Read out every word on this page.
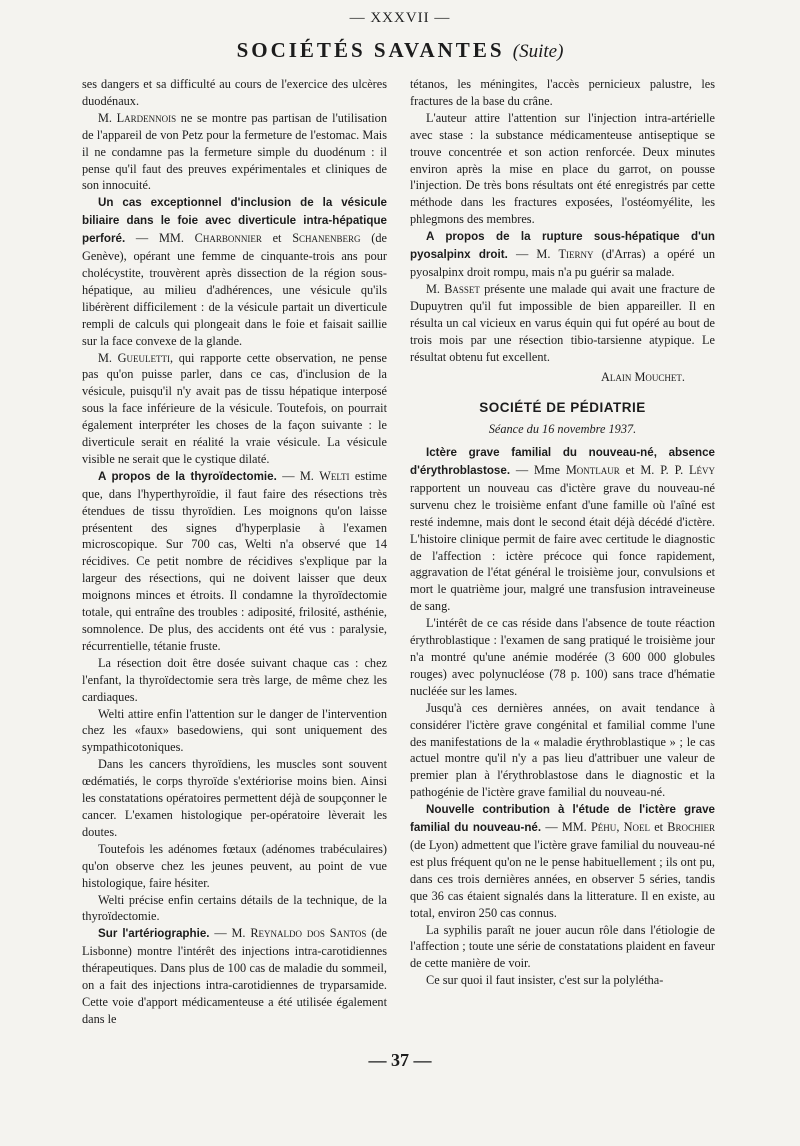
— XXXVII —
SOCIÉTÉS SAVANTES (Suite)

ses dangers et sa difficulté au cours de l'exercice des ulcères duodénaux.

M. Lardennois ne se montre pas partisan de l'utilisation de l'appareil de von Petz pour la fermeture de l'estomac. Mais il ne condamne pas la fermeture simple du duodénum : il pense qu'il faut des preuves expérimentales et cliniques de son innocuité.

Un cas exceptionnel d'inclusion de la vésicule biliaire dans le foie avec diverticule intra-hépatique perforé. — MM. Charbonnier et Schanenberg (de Genève), opérant une femme de cinquante-trois ans pour cholécystite, trouvèrent après dissection de la région sous-hépatique, au milieu d'adhérences, une vésicule qu'ils libérèrent difficilement : de la vésicule partait un diverticule rempli de calculs qui plongeait dans le foie et faisait saillie sur la face convexe de la glande.

M. Gueuletti, qui rapporte cette observation, ne pense pas qu'on puisse parler, dans ce cas, d'inclusion de la vésicule, puisqu'il n'y avait pas de tissu hépatique interposé sous la face inférieure de la vésicule. Toutefois, on pourrait également interpréter les choses de la façon suivante : le diverticule serait en réalité la vraie vésicule. La vésicule visible ne serait que le cystique dilaté.

A propos de la thyroïdectomie. — M. Welti estime que, dans l'hyperthyroïdie, il faut faire des résections très étendues de tissu thyroïdien. Les moignons qu'on laisse présentent des signes d'hyperplasie à l'examen microscopique. Sur 700 cas, Welti n'a observé que 14 récidives. Ce petit nombre de récidives s'explique par la largeur des résections, qui ne doivent laisser que deux moignons minces et étroits. Il condamne la thyroïdectomie totale, qui entraîne des troubles : adiposité, frilosité, asthénie, somnolence. De plus, des accidents ont été vus : paralysie, récurrentielle, tétanie fruste.

La résection doit être dosée suivant chaque cas : chez l'enfant, la thyroïdectomie sera très large, de même chez les cardiaques.

Welti attire enfin l'attention sur le danger de l'intervention chez les «faux» basedowiens, qui sont uniquement des sympathicotoniques.

Dans les cancers thyroïdiens, les muscles sont souvent œdématiés, le corps thyroïde s'extériorise moins bien. Ainsi les constatations opératoires permettent déjà de soupçonner le cancer. L'examen histologique per-opératoire lèverait les doutes.

Toutefois les adénomes fœtaux (adénomes trabéculaires) qu'on observe chez les jeunes peuvent, au point de vue histologique, faire hésiter.

Welti précise enfin certains détails de la technique, de la thyroïdectomie.

Sur l'artériographie. — M. Reynaldo dos Santos (de Lisbonne) montre l'intérêt des injections intra-carotidiennes thérapeutiques. Dans plus de 100 cas de maladie du sommeil, on a fait des injections intra-carotidiennes de tryparsamide. Cette voie d'apport médicamenteuse a été utilisée également dans le

tétanos, les méningites, l'accès pernicieux palustre, les fractures de la base du crâne.

L'auteur attire l'attention sur l'injection intra-artérielle avec stase : la substance médicamenteuse antiseptique se trouve concentrée et son action renforcée. Deux minutes environ après la mise en place du garrot, on pousse l'injection. De très bons résultats ont été enregistrés par cette méthode dans les fractures exposées, l'ostéomyélite, les phlegmons des membres.

A propos de la rupture sous-hépatique d'un pyosalpinx droit. — M. Tierny (d'Arras) a opéré un pyosalpinx droit rompu, mais n'a pu guérir sa malade.

M. Basset présente une malade qui avait une fracture de Dupuytren qu'il fut impossible de bien appareiller. Il en résulta un cal vicieux en varus équin qui fut opéré au bout de trois mois par une résection tibio-tarsienne atypique. Le résultat obtenu fut excellent.

Alain Mouchet.
SOCIÉTÉ DE PÉDIATRIE
Séance du 16 novembre 1937.

Ictère grave familial du nouveau-né, absence d'érythroblastose. — Mme Montlaur et M. P. P. Lévy rapportent un nouveau cas d'ictère grave du nouveau-né survenu chez le troisième enfant d'une famille où l'aîné est resté indemne, mais dont le second était déjà décédé d'ictère. L'histoire clinique permit de faire avec certitude le diagnostic de l'affection : ictère précoce qui fonce rapidement, aggravation de l'état général le troisième jour, convulsions et mort le quatrième jour, malgré une transfusion intraveineuse de sang.

L'intérêt de ce cas réside dans l'absence de toute réaction érythroblastique : l'examen de sang pratiqué le troisième jour n'a montré qu'une anémie modérée (3 600 000 globules rouges) avec polynucléose (78 p. 100) sans trace d'hématie nucléée sur les lames.

Jusqu'à ces dernières années, on avait tendance à considérer l'ictère grave congénital et familial comme l'une des manifestations de la « maladie érythroblastique » ; le cas actuel montre qu'il n'y a pas lieu d'attribuer une valeur de premier plan à l'érythroblastose dans le diagnostic et la pathogénie de l'ictère grave familial du nouveau-né.

Nouvelle contribution à l'étude de l'ictère grave familial du nouveau-né. — MM. Péhu, Noel et Brochier (de Lyon) admettent que l'ictère grave familial du nouveau-né est plus fréquent qu'on ne le pense habituellement ; ils ont pu, dans ces trois dernières années, en observer 5 séries, tandis que 36 cas étaient signalés dans la litterature. Il en existe, au total, environ 250 cas connus.

La syphilis paraît ne jouer aucun rôle dans l'étiologie de l'affection ; toute une série de constatations plaident en faveur de cette manière de voir.

Ce sur quoi il faut insister, c'est sur la polylétha-

— 37 —
